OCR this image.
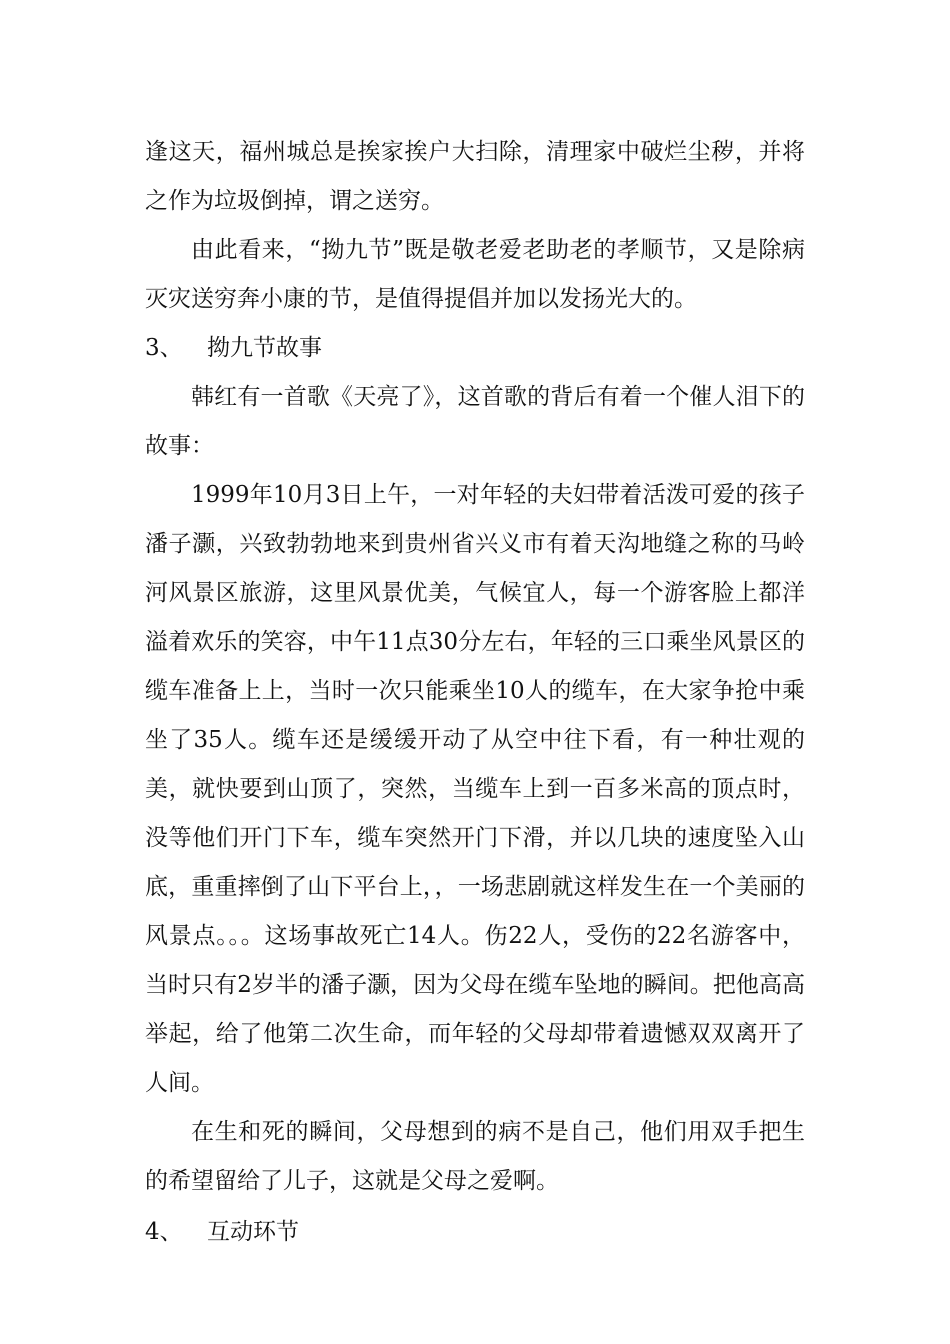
逢这天，福州城总是挨家挨户大扫除，清理家中破烂尘秽，并将之作为垃圾倒掉，谓之送穷。

由此看来，“拗九节”既是敬老爱老助老的孝顺节，又是除病灭灾送穷奔小康的节，是值得提倡并加以发扬光大的。

3、	拗九节故事

韩红有一首歌《天亮了》，这首歌的背后有着一个催人泪下的故事：

1999年10月3日上午，一对年轻的夫妇带着活泼可爱的孩子潘子灏，兴致勃勃地来到贵州省兴义市有着天沟地缝之称的马岭河风景区旅游，这里风景优美，气候宜人，每一个游客脸上都洋溢着欢乐的笑容，中午11点30分左右，年轻的三口乘坐风景区的缆车准备上上，当时一次只能乘坐10人的缆车，在大家争抢中乘坐了35人。缆车还是缓缓开动了从空中往下看，有一种壮观的美，就快要到山顶了，突然，当缆车上到一百多米高的顶点时，没等他们开门下车，缆车突然开门下滑，并以几块的速度坠入山底，重重摔倒了山下平台上，，一场悲剧就这样发生在一个美丽的风景点。。。这场事故死亡14人。伤22人，受伤的22名游客中，当时只有2岁半的潘子灏，因为父母在缆车坠地的瞬间。把他高高举起，给了他第二次生命，而年轻的父母却带着遗憾双双离开了人间。

在生和死的瞬间，父母想到的病不是自己，他们用双手把生的希望留给了儿子，这就是父母之爱啊。

4、	互动环节
